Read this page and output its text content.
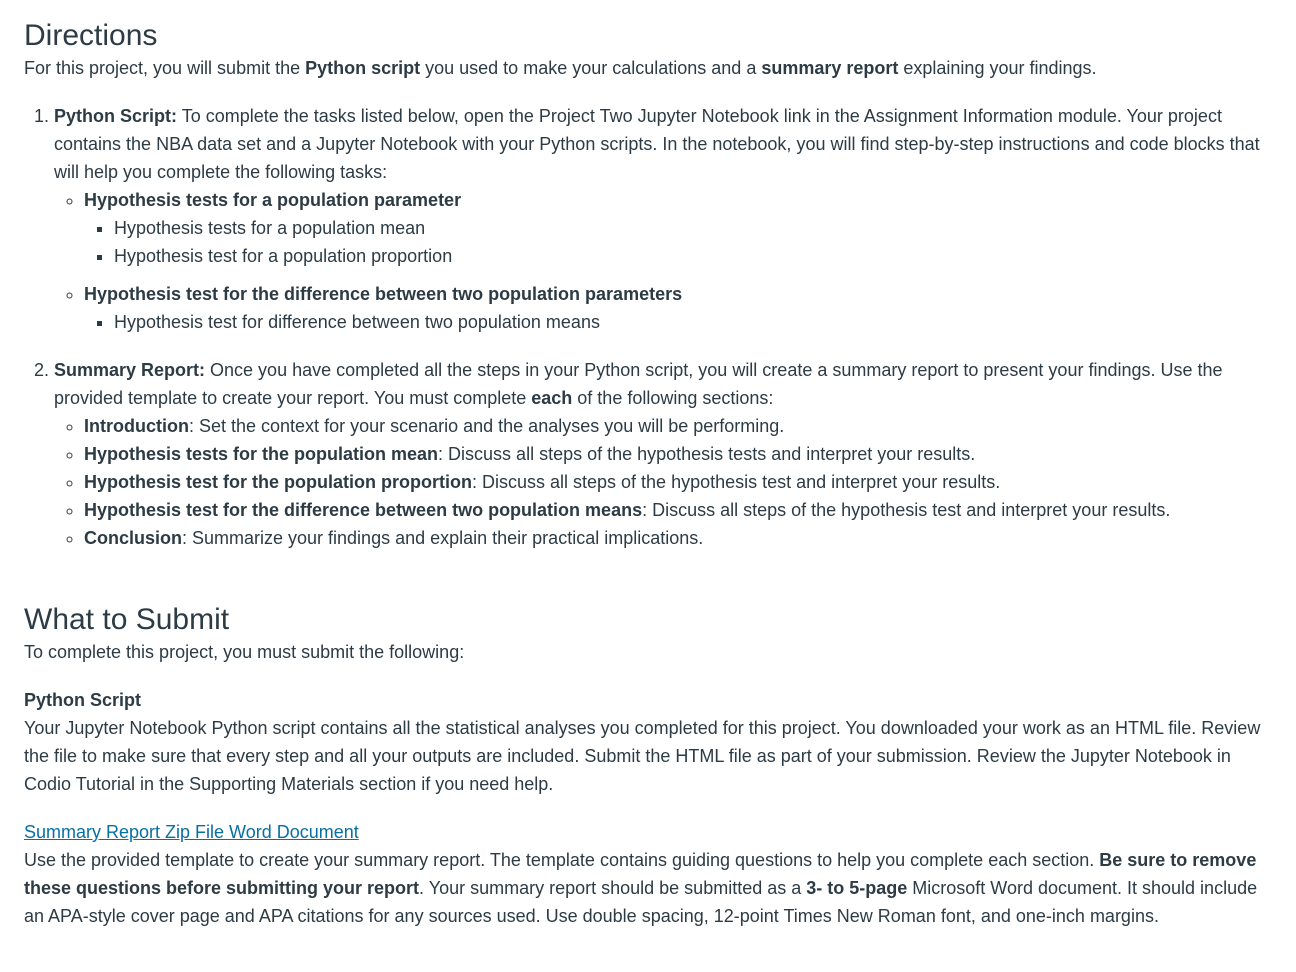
Directions

For this project, you will submit the Python script you used to make your calculations and a summary report explaining your findings.

1. Python Script: To complete the tasks listed below, open the Project Two Jupyter Notebook link in the Assignment Information module. Your project contains the NBA data set and a Jupyter Notebook with your Python scripts. In the notebook, you will find step-by-step instructions and code blocks that will help you complete the following tasks:
◦ Hypothesis tests for a population parameter
▪ Hypothesis tests for a population mean
▪ Hypothesis test for a population proportion
◦ Hypothesis test for the difference between two population parameters
▪ Hypothesis test for difference between two population means
2. Summary Report: Once you have completed all the steps in your Python script, you will create a summary report to present your findings. Use the provided template to create your report. You must complete each of the following sections:
◦ Introduction: Set the context for your scenario and the analyses you will be performing.
◦ Hypothesis tests for the population mean: Discuss all steps of the hypothesis tests and interpret your results.
◦ Hypothesis test for the population proportion: Discuss all steps of the hypothesis test and interpret your results.
◦ Hypothesis test for the difference between two population means: Discuss all steps of the hypothesis test and interpret your results.
◦ Conclusion: Summarize your findings and explain their practical implications.
What to Submit

To complete this project, you must submit the following:

Python Script

Your Jupyter Notebook Python script contains all the statistical analyses you completed for this project. You downloaded your work as an HTML file. Review the file to make sure that every step and all your outputs are included. Submit the HTML file as part of your submission. Review the Jupyter Notebook in Codio Tutorial in the Supporting Materials section if you need help.

Summary Report Zip File Word Document

Use the provided template to create your summary report. The template contains guiding questions to help you complete each section. Be sure to remove these questions before submitting your report. Your summary report should be submitted as a 3- to 5-page Microsoft Word document. It should include an APA-style cover page and APA citations for any sources used. Use double spacing, 12-point Times New Roman font, and one-inch margins.
